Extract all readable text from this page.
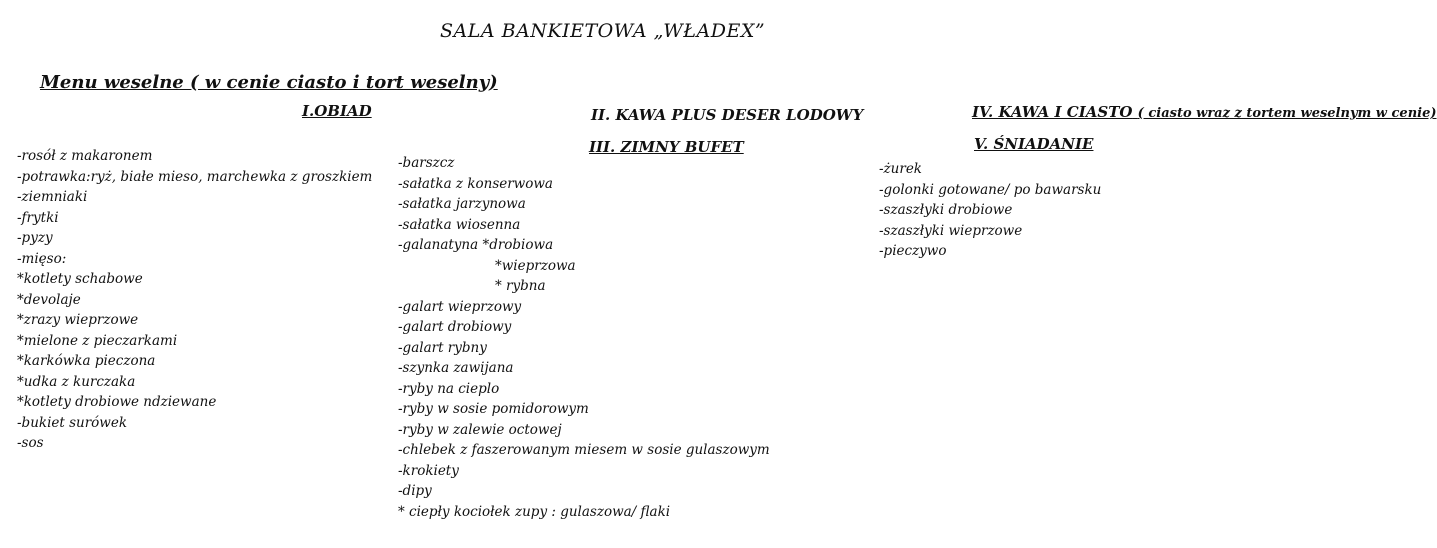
SALA BANKIETOWA „WŁADEX”
Menu weselne ( w cenie ciasto i tort weselny)
I.OBIAD	II. KAWA PLUS DESER LODOWY
III. ZIMNY BUFET
IV. KAWA I CIASTO ( ciasto wraz z tortem weselnym w cenie)
V. ŚNIADANIE
-rosół z makaronem
-potrawka:ryż, białe mieso, marchewka z groszkiem
-ziemniaki
-frytki
-pyzy
-mięso:
*kotlety schabowe
*devolaje
*zrazy wieprzowe
*mielone z pieczarkami
*karkówka pieczona
*udka z kurczaka
*kotlety drobiowe ndziewane
-bukiet surówek
-sos
-barszcz
-sałatka z konserwowa
-sałatka jarzynowa
-sałatka wiosenna
-galanatyna *drobiowa
*wieprzowa
* rybna
-galart wieprzowy
-galart drobiowy
-galart rybny
-szynka zawijana
-ryby na cieplo
-ryby w sosie pomidorowym
-ryby w zalewie octowej
-chlebek z faszerowanym miesem w sosie gulaszowym
-krokiety
-dipy
* ciepły kociołek zupy : gulaszowa/ flaki
-żurek
-golonki gotowane/ po bawarsku
-szaszłyki drobiowe
-szaszłyki wieprzowe
-pieczywo
